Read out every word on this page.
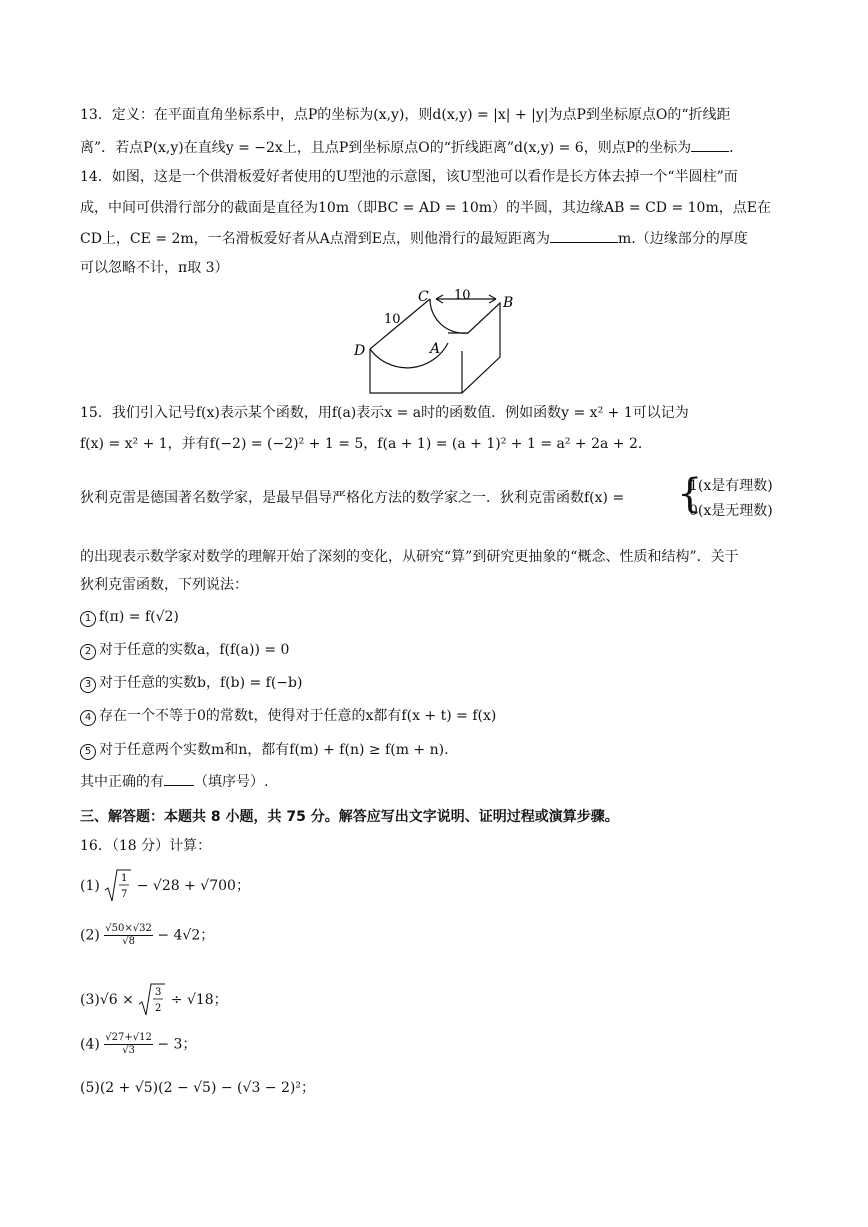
13．定义：在平面直角坐标系中，点P的坐标为(x,y)，则d(x,y) = |x| + |y|为点P到坐标原点O的“折线距
离”．若点P(x,y)在直线y = −2x上，且点P到坐标原点O的“折线距离”d(x,y) = 6，则点P的坐标为	．
14．如图，这是一个供滑板爱好者使用的U型池的示意图，该U型池可以看作是长方体去掉一个“半圆柱”而
成，中间可供滑行部分的截面是直径为10m（即BC = AD = 10m）的半圆，其边缘AB = CD = 10m，点E在
CD上，CE = 2m，一名滑板爱好者从A点滑到E点，则他滑行的最短距离为	m.（边缘部分的厚度
可以忽略不计，π取 3）
C	B
D	A
10
10
15．我们引入记号f(x)表示某个函数，用f(a)表示x = a时的函数值．例如函数y = x² + 1可以记为
f(x) = x² + 1，并有f(−2) = (−2)² + 1 = 5，f(a + 1) = (a + 1)² + 1 = a² + 2a + 2．
狄利克雷是德国著名数学家，是最早倡导严格化方法的数学家之一．狄利克雷函数f(x) = {
1(x是有理数)
0(x是无理数)
的出现表示数学家对数学的理解开始了深刻的变化，从研究“算”到研究更抽象的“概念、性质和结构”．关于
狄利克雷函数，下列说法：
1 f(π) = f(√2)
2 对于任意的实数a，f(f(a)) = 0
3 对于任意的实数b，f(b) = f(−b)
4 存在一个不等于0的常数t，使得对于任意的x都有f(x + t) = f(x)
5 对于任意两个实数m和n，都有f(m) + f(n) ≥ f(m + n).
其中正确的有 （填序号）.
三、解答题：本题共 8 小题，共 75 分。解答应写出文字说明、证明过程或演算步骤。
16．（18 分）计算：
(1) 1
7
− √28 + √700；
$(2) \frac{√50\times√32}{√8} - 4√2$；
(3)√6 × 3
2
÷ √18；
$(4) \frac{√27+√12}{√3} - 3$；
(5)(2 + √5)(2 − √5) − (√3 − 2)²；
